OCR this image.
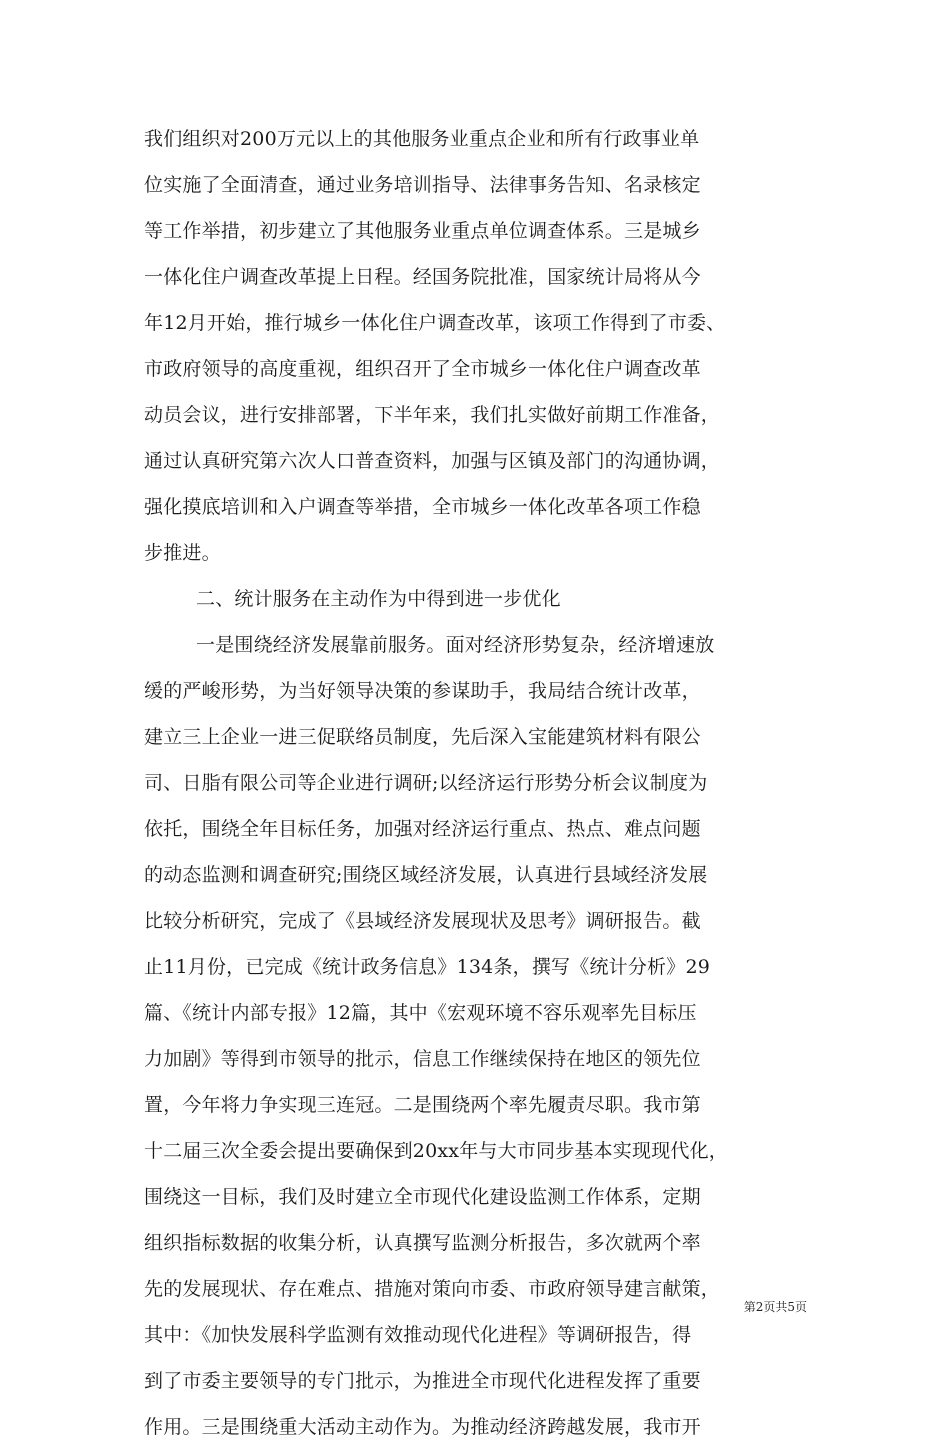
我们组织对200万元以上的其他服务业重点企业和所有行政事业单
位实施了全面清查，通过业务培训指导、法律事务告知、名录核定
等工作举措，初步建立了其他服务业重点单位调查体系。三是城乡
一体化住户调查改革提上日程。经国务院批准，国家统计局将从今
年12月开始，推行城乡一体化住户调查改革，该项工作得到了市委、
市政府领导的高度重视，组织召开了全市城乡一体化住户调查改革
动员会议，进行安排部署，下半年来，我们扎实做好前期工作准备，
通过认真研究第六次人口普查资料，加强与区镇及部门的沟通协调，
强化摸底培训和入户调查等举措，全市城乡一体化改革各项工作稳
步推进。
二、统计服务在主动作为中得到进一步优化
一是围绕经济发展靠前服务。面对经济形势复杂，经济增速放
缓的严峻形势，为当好领导决策的参谋助手，我局结合统计改革，
建立三上企业一进三促联络员制度，先后深入宝能建筑材料有限公
司、日脂有限公司等企业进行调研;以经济运行形势分析会议制度为
依托，围绕全年目标任务，加强对经济运行重点、热点、难点问题
的动态监测和调查研究;围绕区域经济发展，认真进行县域经济发展
比较分析研究，完成了《县域经济发展现状及思考》调研报告。截
止11月份，已完成《统计政务信息》134条，撰写《统计分析》29
篇、《统计内部专报》12篇，其中《宏观环境不容乐观率先目标压
力加剧》等得到市领导的批示，信息工作继续保持在地区的领先位
置，今年将力争实现三连冠。二是围绕两个率先履责尽职。我市第
十二届三次全委会提出要确保到20xx年与大市同步基本实现现代化，
围绕这一目标，我们及时建立全市现代化建设监测工作体系，定期
组织指标数据的收集分析，认真撰写监测分析报告，多次就两个率
先的发展现状、存在难点、措施对策向市委、市政府领导建言献策，
其中：《加快发展科学监测有效推动现代化进程》等调研报告，得
到了市委主要领导的专门批示，为推进全市现代化进程发挥了重要
作用。三是围绕重大活动主动作为。为推动经济跨越发展，我市开
第2页共5页
